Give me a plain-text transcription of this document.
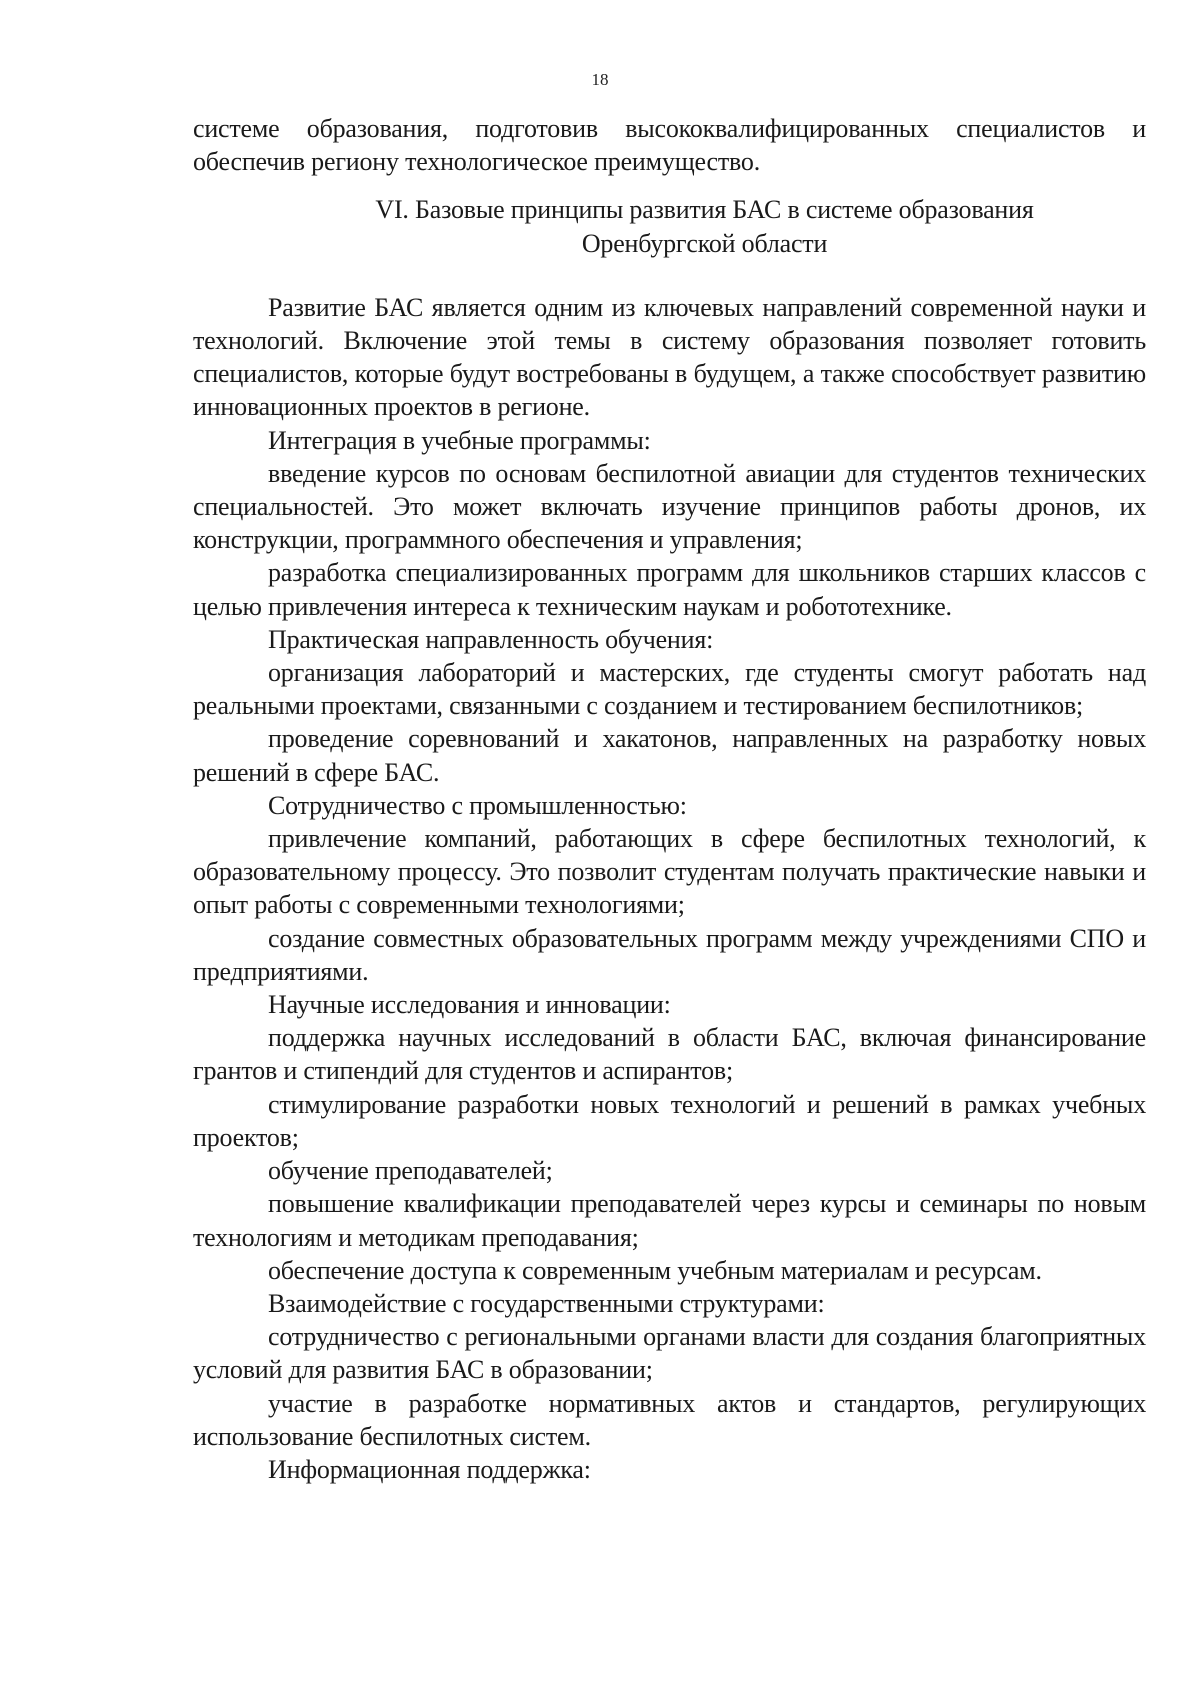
18

системе образования, подготовив высококвалифицированных специалистов и обеспечив региону технологическое преимущество.

VI. Базовые принципы развития БАС в системе образования
Оренбургской области

Развитие БАС является одним из ключевых направлений современной науки и технологий. Включение этой темы в систему образования позволяет готовить специалистов, которые будут востребованы в будущем, а также способствует развитию инновационных проектов в регионе.

Интеграция в учебные программы:

введение курсов по основам беспилотной авиации для студентов технических специальностей. Это может включать изучение принципов работы дронов, их конструкции, программного обеспечения и управления;

разработка специализированных программ для школьников старших классов с целью привлечения интереса к техническим наукам и робототехнике.

Практическая направленность обучения:

организация лабораторий и мастерских, где студенты смогут работать над реальными проектами, связанными с созданием и тестированием беспилотников;

проведение соревнований и хакатонов, направленных на разработку новых решений в сфере БАС.

Сотрудничество с промышленностью:

привлечение компаний, работающих в сфере беспилотных технологий, к образовательному процессу. Это позволит студентам получать практические навыки и опыт работы с современными технологиями;

создание совместных образовательных программ между учреждениями СПО и предприятиями.

Научные исследования и инновации:

поддержка научных исследований в области БАС, включая финансирование грантов и стипендий для студентов и аспирантов;

стимулирование разработки новых технологий и решений в рамках учебных проектов;

обучение преподавателей;

повышение квалификации преподавателей через курсы и семинары по новым технологиям и методикам преподавания;

обеспечение доступа к современным учебным материалам и ресурсам.

Взаимодействие с государственными структурами:

сотрудничество с региональными органами власти для создания благоприятных условий для развития БАС в образовании;

участие в разработке нормативных актов и стандартов, регулирующих использование беспилотных систем.

Информационная поддержка:
